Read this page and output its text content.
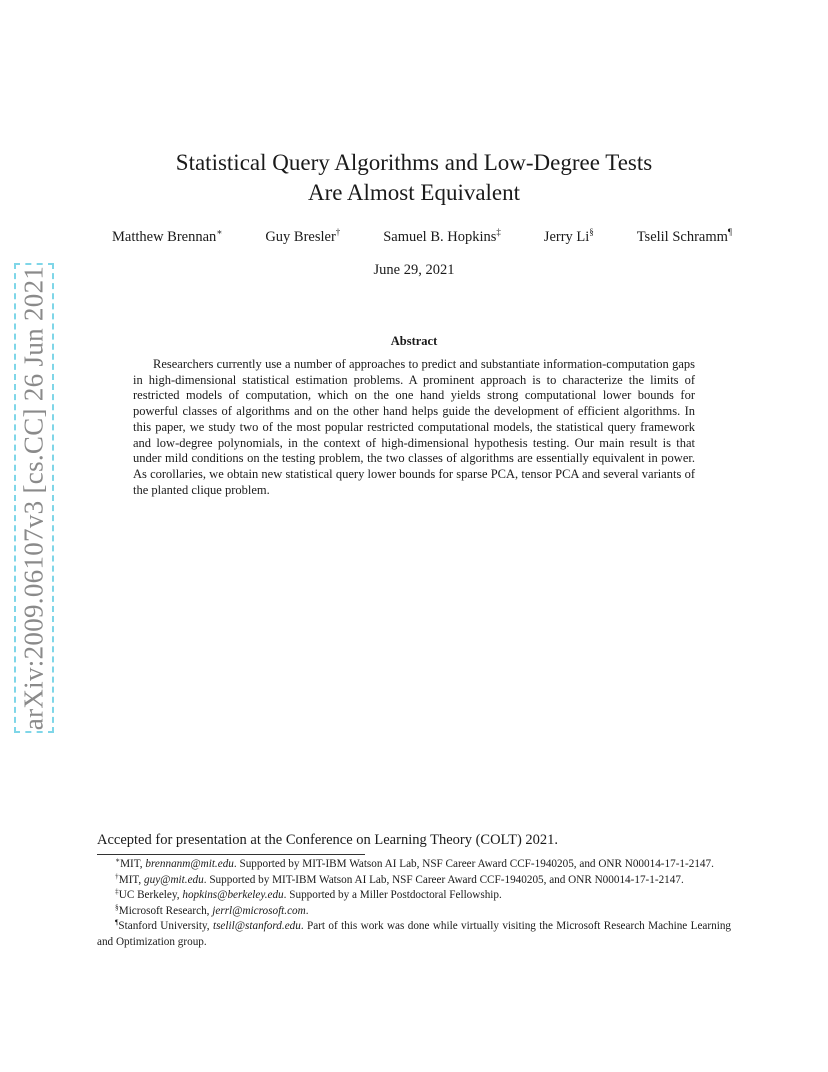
arXiv:2009.06107v3 [cs.CC] 26 Jun 2021
Statistical Query Algorithms and Low-Degree Tests
Are Almost Equivalent
Matthew Brennan∗	Guy Bresler†	Samuel B. Hopkins‡	Jerry Li§	Tselil Schramm¶
June 29, 2021
Abstract
Researchers currently use a number of approaches to predict and substantiate information-computation gaps in high-dimensional statistical estimation problems. A prominent approach is to characterize the limits of restricted models of computation, which on the one hand yields strong computational lower bounds for powerful classes of algorithms and on the other hand helps guide the development of efficient algorithms. In this paper, we study two of the most popular restricted computational models, the statistical query framework and low-degree polynomials, in the context of high-dimensional hypothesis testing. Our main result is that under mild conditions on the testing problem, the two classes of algorithms are essentially equivalent in power. As corollaries, we obtain new statistical query lower bounds for sparse PCA, tensor PCA and several variants of the planted clique problem.
Accepted for presentation at the Conference on Learning Theory (COLT) 2021.
∗MIT, brennanm@mit.edu. Supported by MIT-IBM Watson AI Lab, NSF Career Award CCF-1940205, and ONR N00014-17-1-2147.
†MIT, guy@mit.edu. Supported by MIT-IBM Watson AI Lab, NSF Career Award CCF-1940205, and ONR N00014-17-1-2147.
‡UC Berkeley, hopkins@berkeley.edu. Supported by a Miller Postdoctoral Fellowship.
§Microsoft Research, jerrl@microsoft.com.
¶Stanford University, tselil@stanford.edu. Part of this work was done while virtually visiting the Microsoft Research Machine Learning and Optimization group.
